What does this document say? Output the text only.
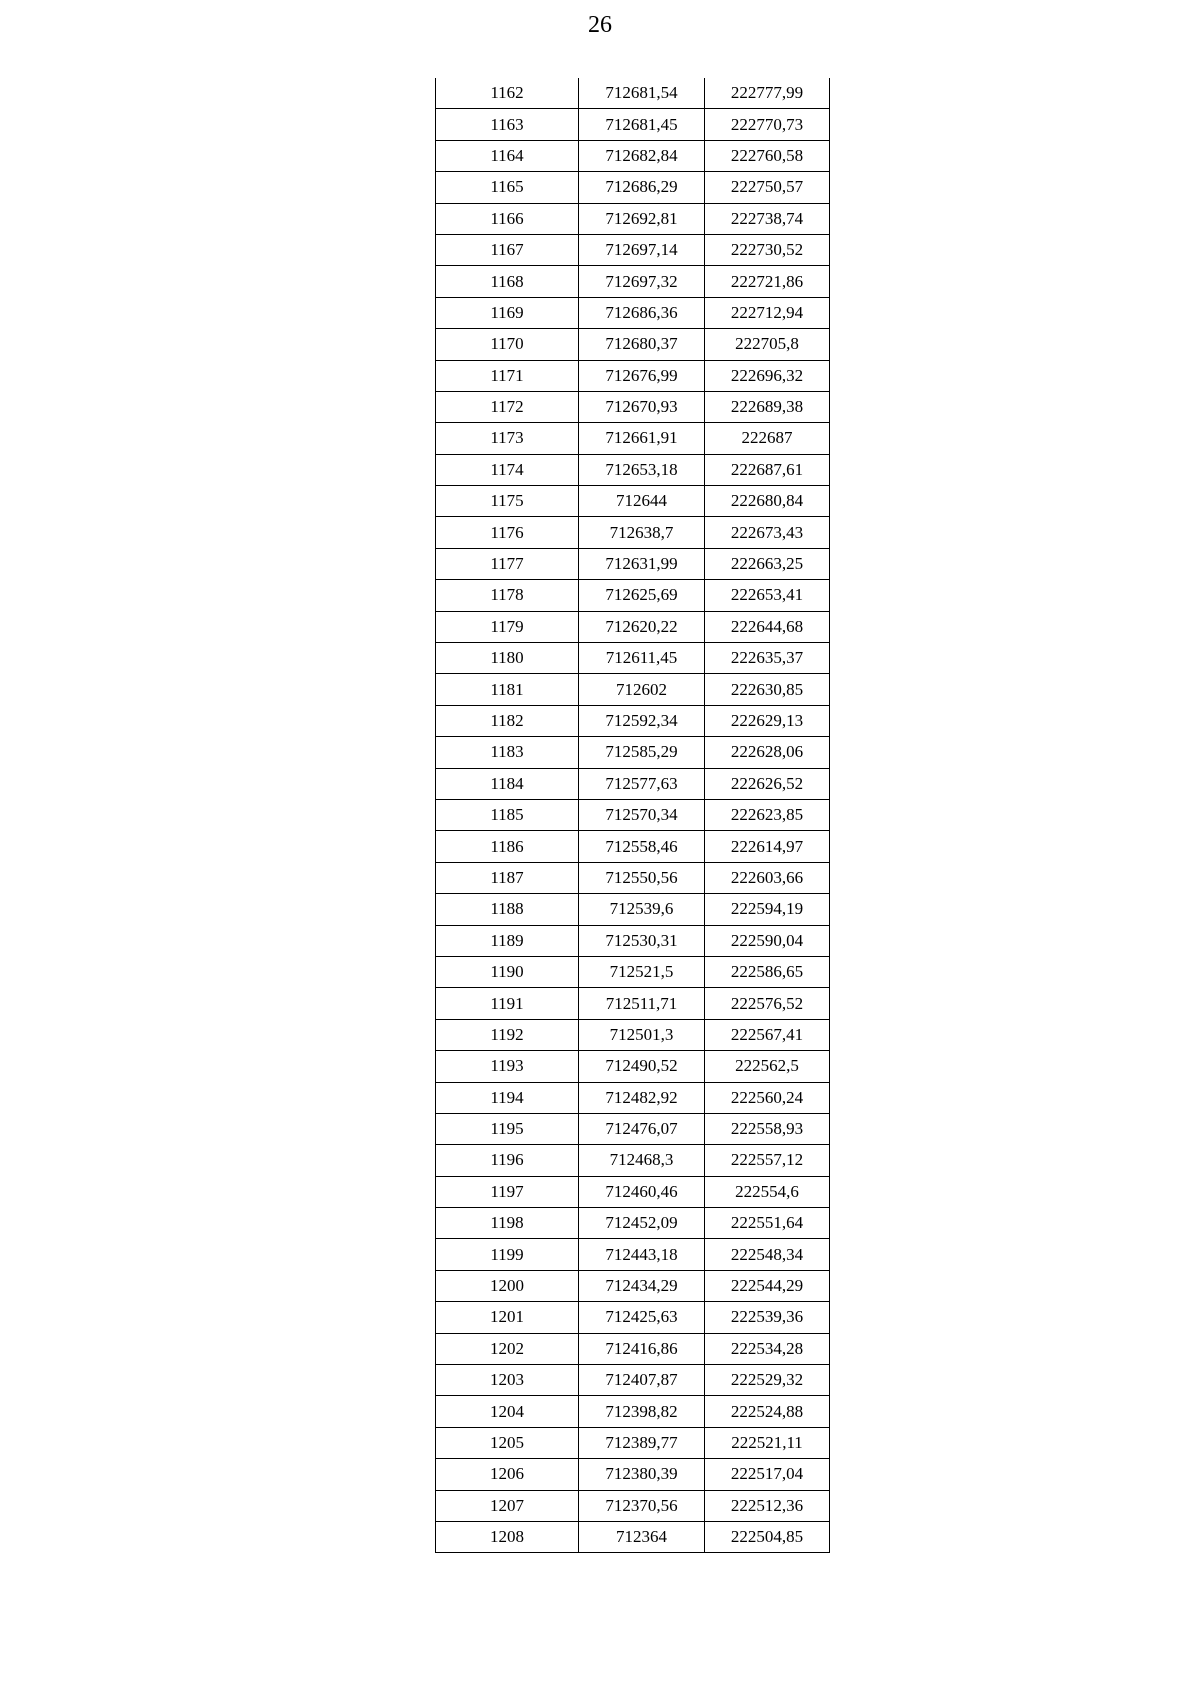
26
1162	712681,54	222777,99
1163	712681,45	222770,73
1164	712682,84	222760,58
1165	712686,29	222750,57
1166	712692,81	222738,74
1167	712697,14	222730,52
1168	712697,32	222721,86
1169	712686,36	222712,94
1170	712680,37	222705,8
1171	712676,99	222696,32
1172	712670,93	222689,38
1173	712661,91	222687
1174	712653,18	222687,61
1175	712644	222680,84
1176	712638,7	222673,43
1177	712631,99	222663,25
1178	712625,69	222653,41
1179	712620,22	222644,68
1180	712611,45	222635,37
1181	712602	222630,85
1182	712592,34	222629,13
1183	712585,29	222628,06
1184	712577,63	222626,52
1185	712570,34	222623,85
1186	712558,46	222614,97
1187	712550,56	222603,66
1188	712539,6	222594,19
1189	712530,31	222590,04
1190	712521,5	222586,65
1191	712511,71	222576,52
1192	712501,3	222567,41
1193	712490,52	222562,5
1194	712482,92	222560,24
1195	712476,07	222558,93
1196	712468,3	222557,12
1197	712460,46	222554,6
1198	712452,09	222551,64
1199	712443,18	222548,34
1200	712434,29	222544,29
1201	712425,63	222539,36
1202	712416,86	222534,28
1203	712407,87	222529,32
1204	712398,82	222524,88
1205	712389,77	222521,11
1206	712380,39	222517,04
1207	712370,56	222512,36
1208	712364	222504,85
